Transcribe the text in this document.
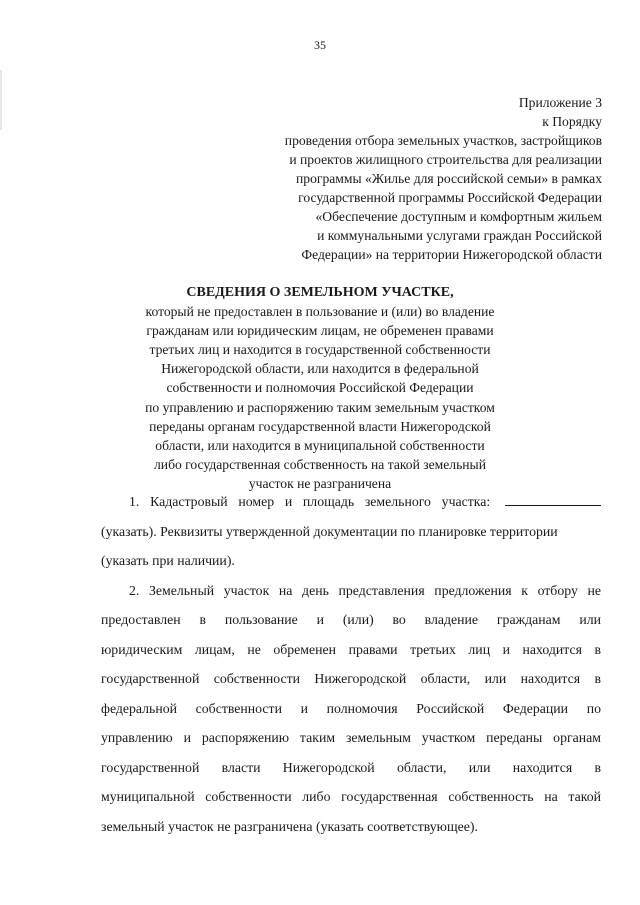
35
Приложение 3
к Порядку
проведения отбора земельных участков, застройщиков
и проектов жилищного строительства для реализации
программы «Жилье для российской семьи» в рамках
государственной программы Российской Федерации
«Обеспечение доступным и комфортным жильем
и коммунальными услугами граждан Российской
Федерации» на территории Нижегородской области
СВЕДЕНИЯ О ЗЕМЕЛЬНОМ УЧАСТКЕ,
который не предоставлен в пользование и (или) во владение
гражданам или юридическим лицам, не обременен правами
третьих лиц и находится в государственной собственности
Нижегородской области, или находится в федеральной
собственности и полномочия Российской Федерации
по управлению и распоряжению таким земельным участком
переданы органам государственной власти Нижегородской
области, или находится в муниципальной собственности
либо государственная собственность на такой земельный
участок не разграничена
1. Кадастровый номер и площадь земельного участка:
(указать). Реквизиты утвержденной документации по планировке территории
(указать при наличии).
2. Земельный участок на день представления предложения к отбору не
предоставлен в пользование и (или) во владение гражданам или
юридическим лицам, не обременен правами третьих лиц и находится в
государственной собственности Нижегородской области, или находится в
федеральной собственности и полномочия Российской Федерации по
управлению и распоряжению таким земельным участком переданы органам
государственной власти Нижегородской области, или находится в
муниципальной собственности либо государственная собственность на такой
земельный участок не разграничена (указать соответствующее).
